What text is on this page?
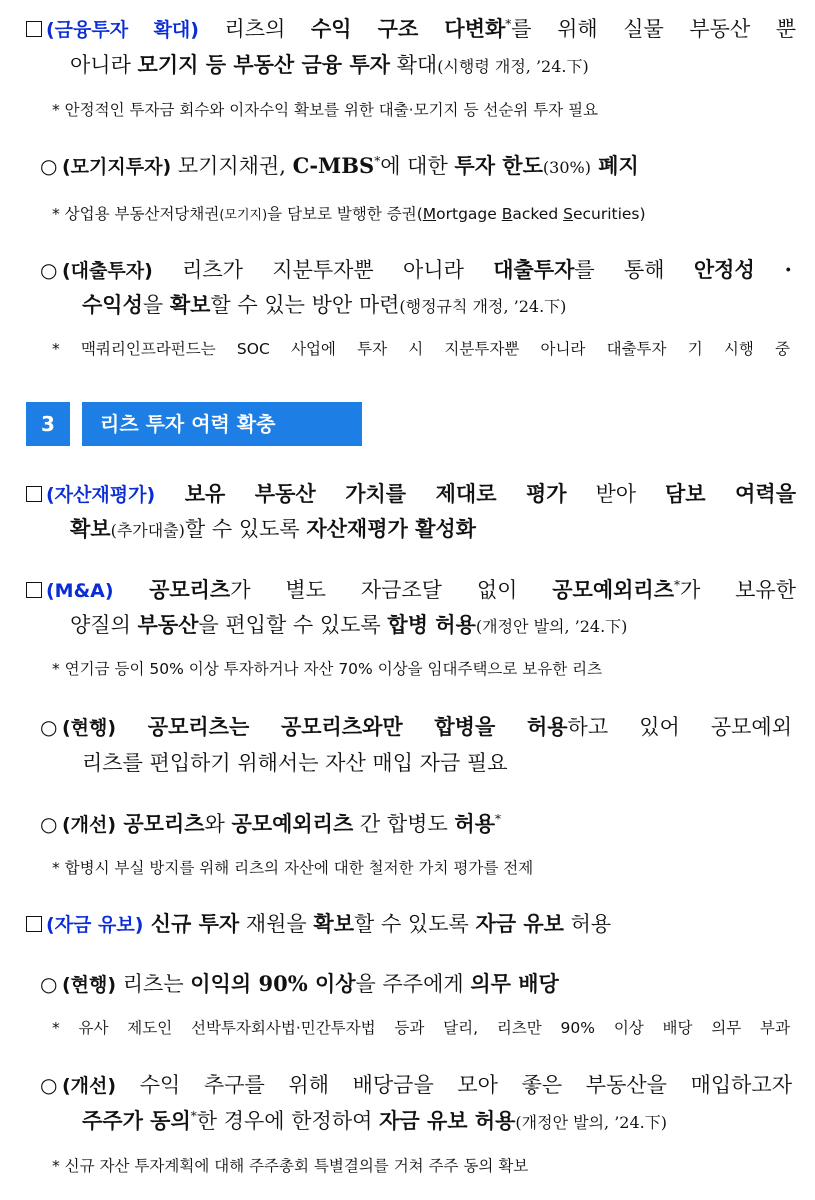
(금융투자 확대) 리츠의 수익 구조 다변화*를 위해 실물 부동산 뿐
아니라 모기지 등 부동산 금융 투자 확대(시행령 개정, ’24.下)
* 안정적인 투자금 회수와 이자수익 확보를 위한 대출·모기지 등 선순위 투자 필요
○ (모기지투자) 모기지채권, C-MBS*에 대한 투자 한도(30%) 폐지
* 상업용 부동산저당채권(모기지)을 담보로 발행한 증권(Mortgage Backed Securities)
○ (대출투자) 리츠가 지분투자뿐 아니라 대출투자를 통해 안정성 ·
수익성을 확보할 수 있는 방안 마련(행정규칙 개정, ’24.下)
* 맥쿼리인프라펀드는 SOC 사업에 투자 시 지분투자뿐 아니라 대출투자 기 시행 중
3	리츠 투자 여력 확충
(자산재평가) 보유 부동산 가치를 제대로 평가 받아 담보 여력을
확보(추가대출)할 수 있도록 자산재평가 활성화
(M&A) 공모리츠가 별도 자금조달 없이 공모예외리츠*가 보유한
양질의 부동산을 편입할 수 있도록 합병 허용(개정안 발의, ’24.下)
* 연기금 등이 50% 이상 투자하거나 자산 70% 이상을 임대주택으로 보유한 리츠
○ (현행) 공모리츠는 공모리츠와만 합병을 허용하고 있어 공모예외
리츠를 편입하기 위해서는 자산 매입 자금 필요
○ (개선) 공모리츠와 공모예외리츠 간 합병도 허용*
* 합병시 부실 방지를 위해 리츠의 자산에 대한 철저한 가치 평가를 전제
(자금 유보) 신규 투자 재원을 확보할 수 있도록 자금 유보 허용
○ (현행) 리츠는 이익의 90% 이상을 주주에게 의무 배당
* 유사 제도인 선박투자회사법·민간투자법 등과 달리, 리츠만 90% 이상 배당 의무 부과
○ (개선) 수익 추구를 위해 배당금을 모아 좋은 부동산을 매입하고자
주주가 동의*한 경우에 한정하여 자금 유보 허용(개정안 발의, ’24.下)
* 신규 자산 투자계획에 대해 주주총회 특별결의를 거쳐 주주 동의 확보
